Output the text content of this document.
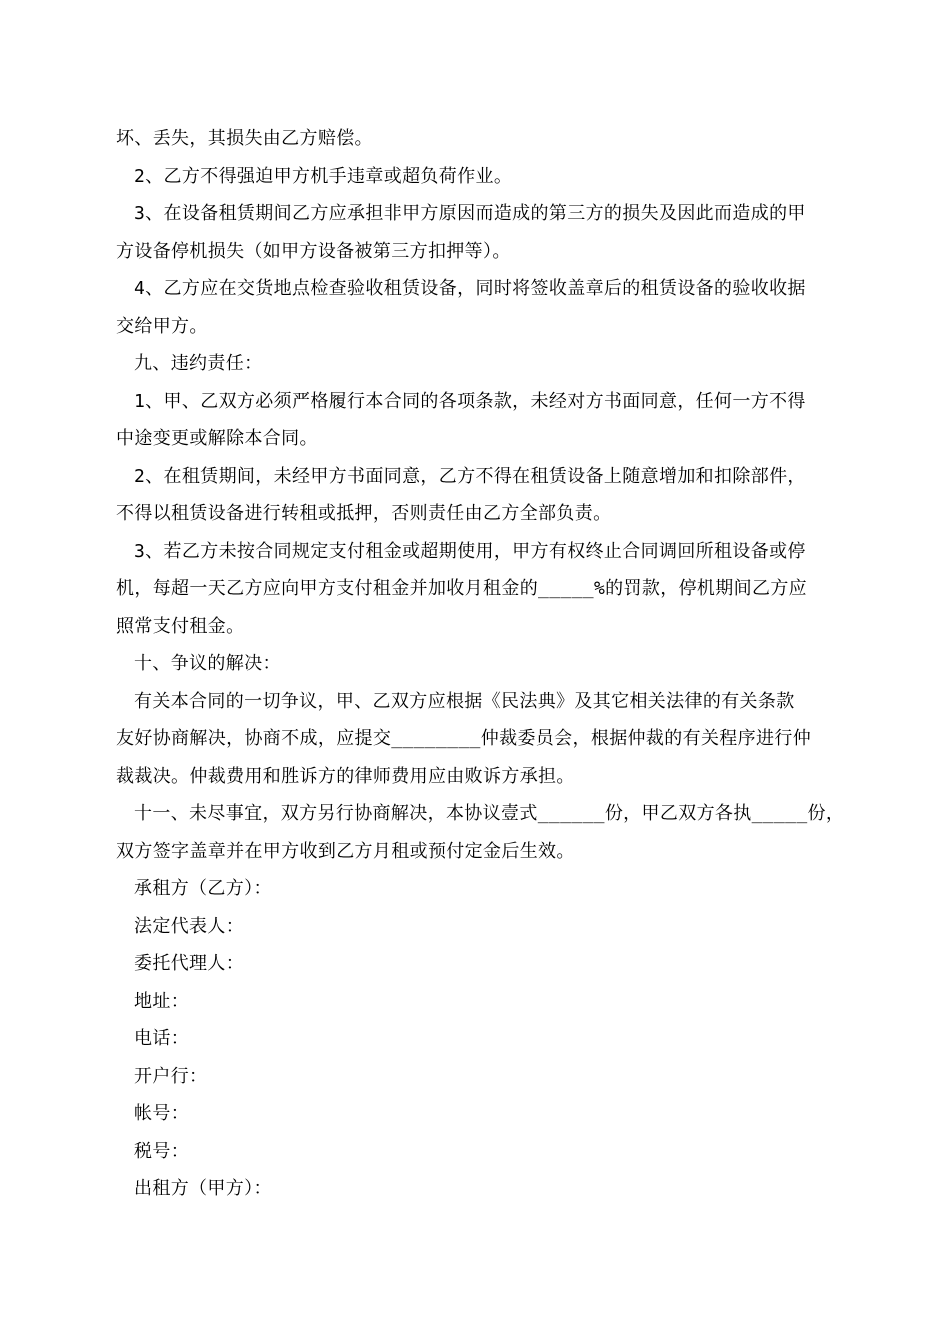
坏、丢失，其损失由乙方赔偿。
2、乙方不得强迫甲方机手违章或超负荷作业。
3、在设备租赁期间乙方应承担非甲方原因而造成的第三方的损失及因此而造成的甲
方设备停机损失（如甲方设备被第三方扣押等）。
4、乙方应在交货地点检查验收租赁设备，同时将签收盖章后的租赁设备的验收收据
交给甲方。
九、违约责任：
1、甲、乙双方必须严格履行本合同的各项条款，未经对方书面同意，任何一方不得
中途变更或解除本合同。
2、在租赁期间，未经甲方书面同意，乙方不得在租赁设备上随意增加和扣除部件，
不得以租赁设备进行转租或抵押，否则责任由乙方全部负责。
3、若乙方未按合同规定支付租金或超期使用，甲方有权终止合同调回所租设备或停
机，每超一天乙方应向甲方支付租金并加收月租金的_____%的罚款，停机期间乙方应
照常支付租金。
十、争议的解决：
有关本合同的一切争议，甲、乙双方应根据《民法典》及其它相关法律的有关条款
友好协商解决，协商不成，应提交________仲裁委员会，根据仲裁的有关程序进行仲
裁裁决。仲裁费用和胜诉方的律师费用应由败诉方承担。
十一、未尽事宜，双方另行协商解决，本协议壹式______份，甲乙双方各执_____份，
双方签字盖章并在甲方收到乙方月租或预付定金后生效。
承租方（乙方）：
法定代表人：
委托代理人：
地址：
电话：
开户行：
帐号：
税号：
出租方（甲方）：
